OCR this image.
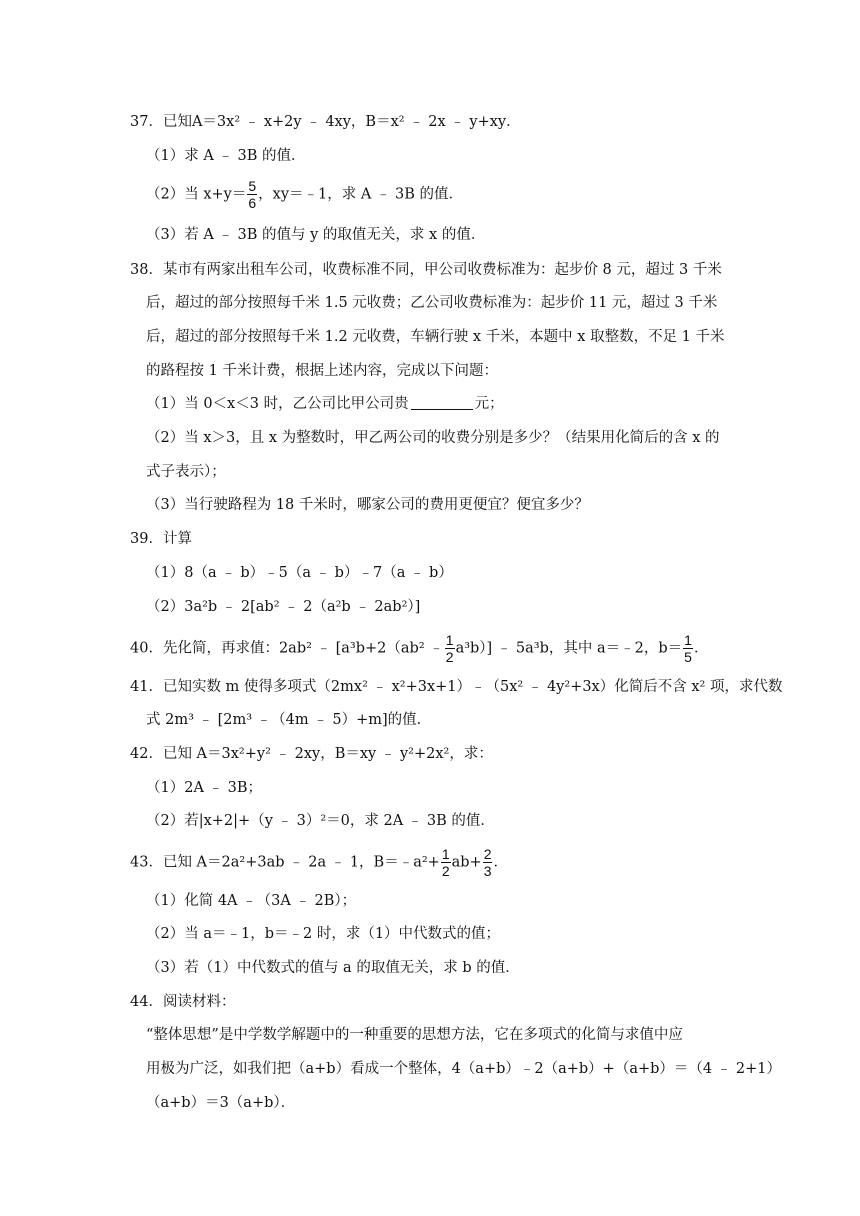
37．已知A＝3x² ﹣ x+2y ﹣ 4xy，B＝x² ﹣ 2x ﹣ y+xy．
（1）求 A ﹣ 3B 的值．
（2）当 $x+y= \frac{5}{6}$ ，xy＝﹣1，求 A ﹣ 3B 的值．
（3）若 A ﹣ 3B 的值与 y 的取值无关，求 x 的值．
38．某市有两家出租车公司，收费标准不同，甲公司收费标准为：起步价 8 元，超过 3 千米
后，超过的部分按照每千米 1.5 元收费；乙公司收费标准为：起步价 11 元，超过 3 千米
后，超过的部分按照每千米 1.2 元收费，车辆行驶 x 千米，本题中 x 取整数，不足 1 千米
的路程按 1 千米计费，根据上述内容，完成以下问题：
（1）当 0＜x＜3 时，乙公司比甲公司贵	元；
（2）当 x＞3，且 x 为整数时，甲乙两公司的收费分别是多少？（结果用化简后的含 x 的
式子表示）；
（3）当行驶路程为 18 千米时，哪家公司的费用更便宜？便宜多少？
39．计算
（1）8（a ﹣ b）﹣5（a ﹣ b）﹣7（a ﹣ b）
（2）3a²b ﹣ 2[ab² ﹣ 2（a²b ﹣ 2ab²）]
40．先化简，再求值：2ab² ﹣ [a³b+2（ab² ﹣ $\frac{1}{2} a^3b$）] ﹣ 5a³b，其中 a＝﹣2，$b= \frac{1}{5}$ ．
41．已知实数 m 使得多项式（2mx² ﹣ x²+3x+1）﹣（5x² ﹣ 4y²+3x）化简后不含 x² 项，求代数
式 2m³ ﹣ [2m³ ﹣（4m ﹣ 5）+m]的值．
42．已知 A＝3x²+y² ﹣ 2xy，B＝xy ﹣ y²+2x²，求：
（1）2A ﹣ 3B；
（2）若|x+2|+（y ﹣ 3）²＝0，求 2A ﹣ 3B 的值．
43．已知 A＝2a²+3ab ﹣ 2a ﹣ 1，B＝﹣a²+ $\frac{1}{2} ab+ \frac{2}{3}$ ．
（1）化简 4A ﹣（3A ﹣ 2B）；
（2）当 a＝﹣1，b＝﹣2 时，求（1）中代数式的值；
（3）若（1）中代数式的值与 a 的取值无关，求 b 的值．
44．阅读材料：
“整体思想”是中学数学解题中的一种重要的思想方法，它在多项式的化简与求值中应
用极为广泛，如我们把（a+b）看成一个整体，4（a+b）﹣2（a+b）+（a+b）＝（4 ﹣ 2+1）
（a+b）＝3（a+b）．
